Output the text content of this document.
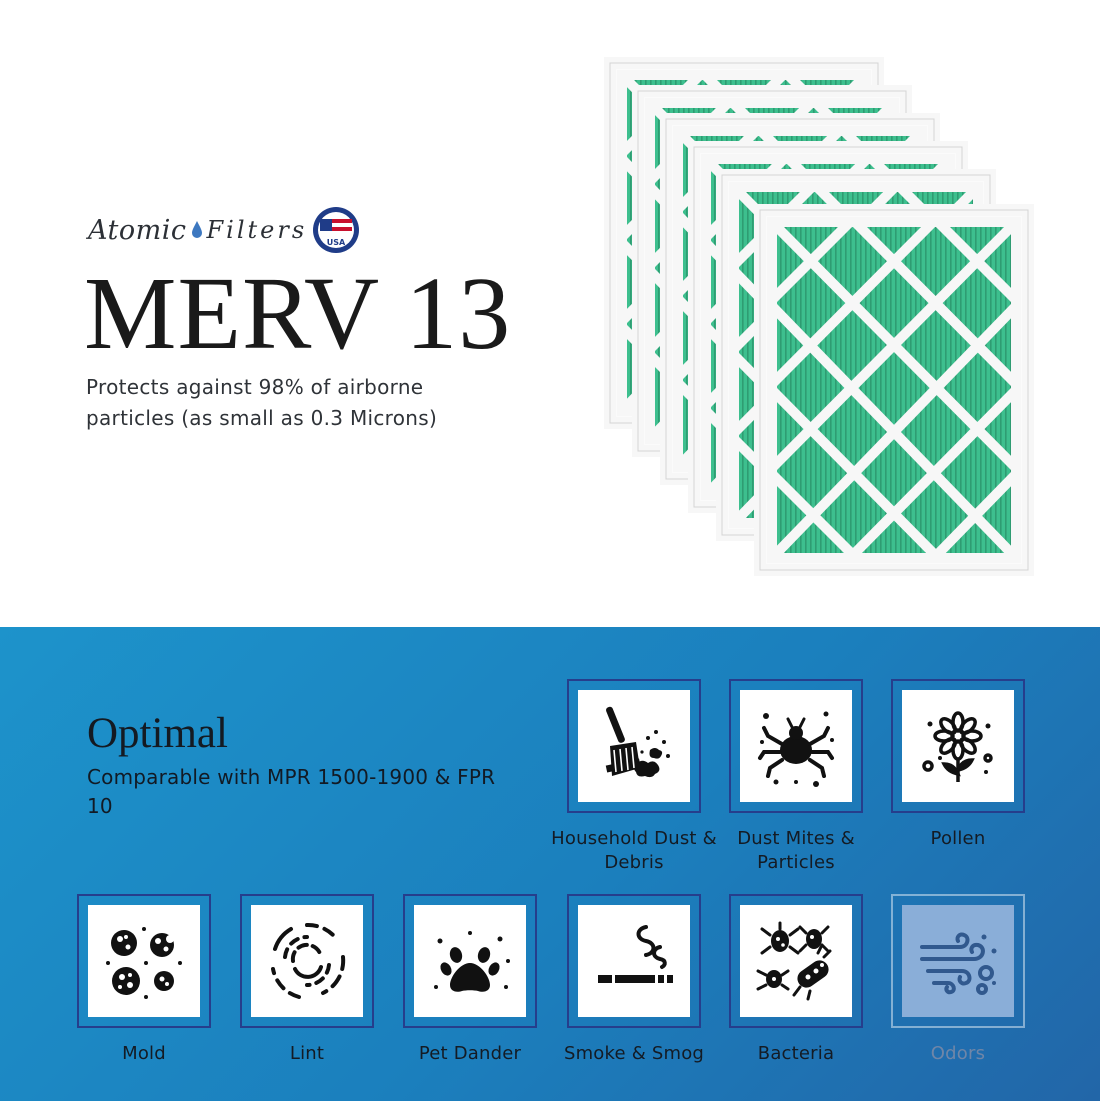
Atomic Filters USA
MERV 13
Protects against 98% of airborne particles (as small as 0.3 Microns)
Optimal
Comparable with MPR 1500-1900 & FPR 10
Household Dust & Debris
Dust Mites & Particles
Pollen
Mold	Lint	Pet Dander	Smoke & Smog	Bacteria	Odors
